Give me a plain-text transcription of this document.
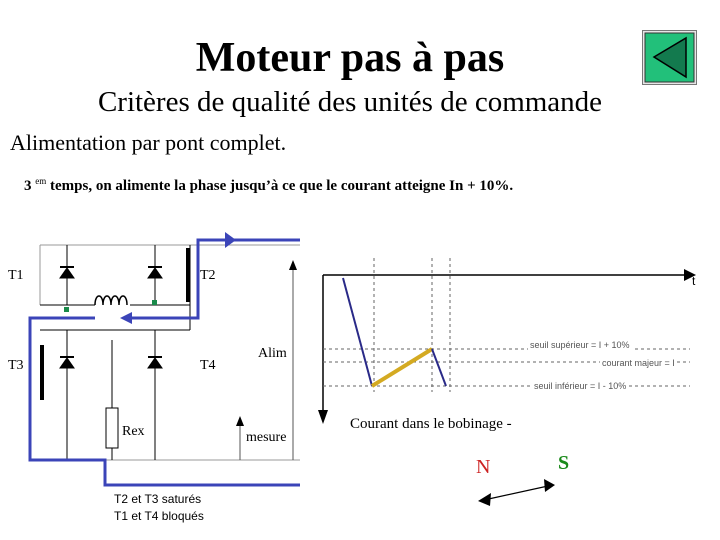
Moteur pas à pas
Critères de qualité des unités de commande
Alimentation par pont complet.
3 $^{em}$ temps, on alimente la phase jusqu’à ce que le courant atteigne In + 10%.
T1	T2
T3	T4
Rex
Alim
mesure
T2 et T3 saturés
T1 et T4 bloqués
t
seuil supérieur = I + 10%
courant majeur = I
seuil inférieur = I - 10%
Courant dans le bobinage -
N	S
